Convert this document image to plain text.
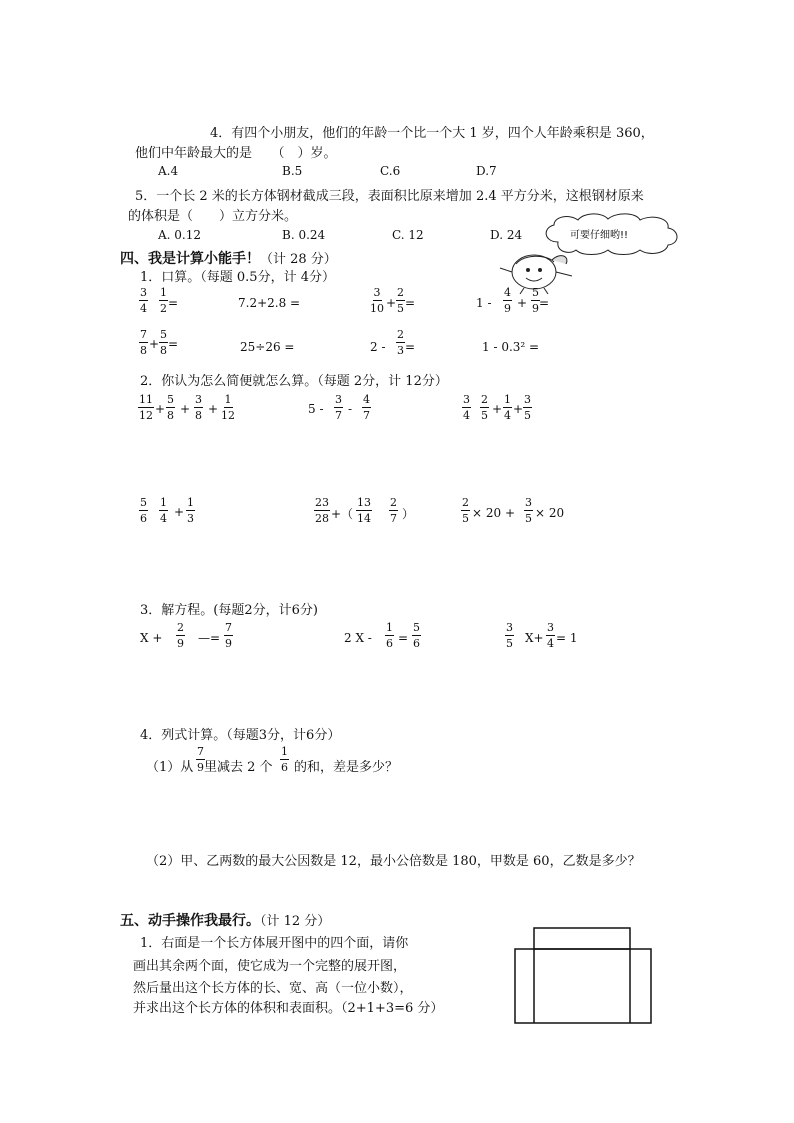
4．有四个小朋友，他们的年龄一个比一个大 1 岁，四个人年龄乘积是 360，
他们中年龄最大的是　　（　）岁。
A.4	B.5	C.6	D.7
5．一个长 2 米的长方体钢材截成三段，表面积比原来增加 2.4 平方分米，这根钢材原来
的体积是（　　）立方分米。
A. 0.12	B. 0.24	C. 12	D. 24	可要仔细哟!!
四、我是计算小能手！（计 28 分）
1．口算。（每题 0.5分，计 4分）
$\frac{3}{4} \frac{1}{2}$ =	7.2+2.8 =	$\frac{3}{10} + \frac{2}{5}$ =	$1 - \frac{4}{9} + \frac{5}{9}$ =
$\frac{7}{8} + \frac{5}{8}$ =	25÷26 =	$2 - \frac{2}{3}$ =	1 - 0.3² =
2．你认为怎么简便就怎么算。（每题 2分，计 12分）
$\frac{11}{12} + \frac{5}{8} + \frac{3}{8} + \frac{1}{12}$	$5 - \frac{3}{7} - \frac{4}{7}$	$\frac{3}{4} \frac{2}{5} + \frac{1}{4} + \frac{3}{5}$
$\frac{5}{6} \frac{1}{4} + \frac{1}{3}$	$\frac{23}{28}$ +（ $\frac{13}{14} \frac{2}{7}$ ）	$\frac{2}{5} \times 20 + \frac{3}{5} \times 20$
3．解方程。(每题2分，计6分)
$X + \frac{2}{9}$ —= $\frac{7}{9}$	2 $X - \frac{1}{6} = \frac{5}{6}$	$\frac{3}{5} X+ \frac{3}{4} = 1$
4．列式计算。（每题3分，计6分）
（1）从 $\frac{7}{9}$ 里减去 2 个 $\frac{1}{6}$ 的和，差是多少？
（2）甲、乙两数的最大公因数是 12，最小公倍数是 180，甲数是 60，乙数是多少？
五、动手操作我最行。（计 12 分）
1．右面是一个长方体展开图中的四个面，请你
画出其余两个面，使它成为一个完整的展开图，
然后量出这个长方体的长、宽、高（一位小数），
并求出这个长方体的体积和表面积。（2+1+3=6 分）
